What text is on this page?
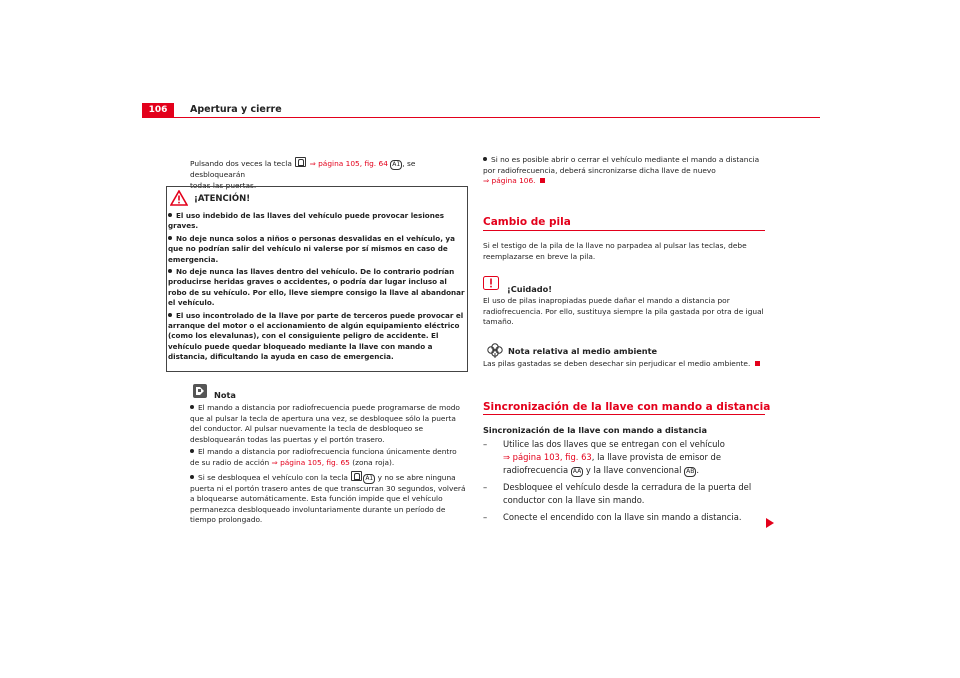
106	Apertura y cierre
Pulsando dos veces la tecla ⇒ página 105, fig. 64 A1 , se desbloquearán
todas las puertas.
¡ATENCIÓN!

El uso indebido de las llaves del vehículo puede provocar lesiones graves.

No deje nunca solos a niños o personas desvalidas en el vehículo, ya que no podrían salir del vehículo ni valerse por sí mismos en caso de emergencia.

No deje nunca las llaves dentro del vehículo. De lo contrario podrían producirse heridas graves o accidentes, o podría dar lugar incluso al robo de su vehículo. Por ello, lleve siempre consigo la llave al abandonar el vehículo.

El uso incontrolado de la llave por parte de terceros puede provocar el arranque del motor o el accionamiento de algún equipamiento eléctrico (como los elevalunas), con el consiguiente peligro de accidente. El vehículo puede quedar bloqueado mediante la llave con mando a distancia, dificultando la ayuda en caso de emergencia.

Nota

El mando a distancia por radiofrecuencia puede programarse de modo que al pulsar la tecla de apertura una vez, se desbloquee sólo la puerta del conductor. Al pulsar nuevamente la tecla de desbloqueo se desbloquearán todas las puertas y el portón trasero.

El mando a distancia por radiofrecuencia funciona únicamente dentro de su radio de acción ⇒ página 105, fig. 65 (zona roja).

Si se desbloquea el vehículo con la tecla	A1 y no se abre ninguna puerta ni el portón trasero antes de que transcurran 30 segundos, volverá a bloquearse automáticamente. Esta función impide que el vehículo permanezca desbloqueado involuntariamente durante un período de tiempo prolongado.

Si no es posible abrir o cerrar el vehículo mediante el mando a distancia por radiofrecuencia, deberá sincronizarse dicha llave de nuevo
⇒ página 106.
Cambio de pila
Si el testigo de la pila de la llave no parpadea al pulsar las teclas, debe reemplazarse en breve la pila.
¡Cuidado!
El uso de pilas inapropiadas puede dañar el mando a distancia por radiofrecuencia. Por ello, sustituya siempre la pila gastada por otra de igual tamaño.
Nota relativa al medio ambiente
Las pilas gastadas se deben desechar sin perjudicar el medio ambiente.
Sincronización de la llave con mando a distancia
Sincronización de la llave con mando a distancia
–	Utilice las dos llaves que se entregan con el vehículo
⇒ página 103, fig. 63, la llave provista de emisor de radiofrecuencia AA y la llave convencional AB .
–	Desbloquee el vehículo desde la cerradura de la puerta del conductor con la llave sin mando.
–	Conecte el encendido con la llave sin mando a distancia.
